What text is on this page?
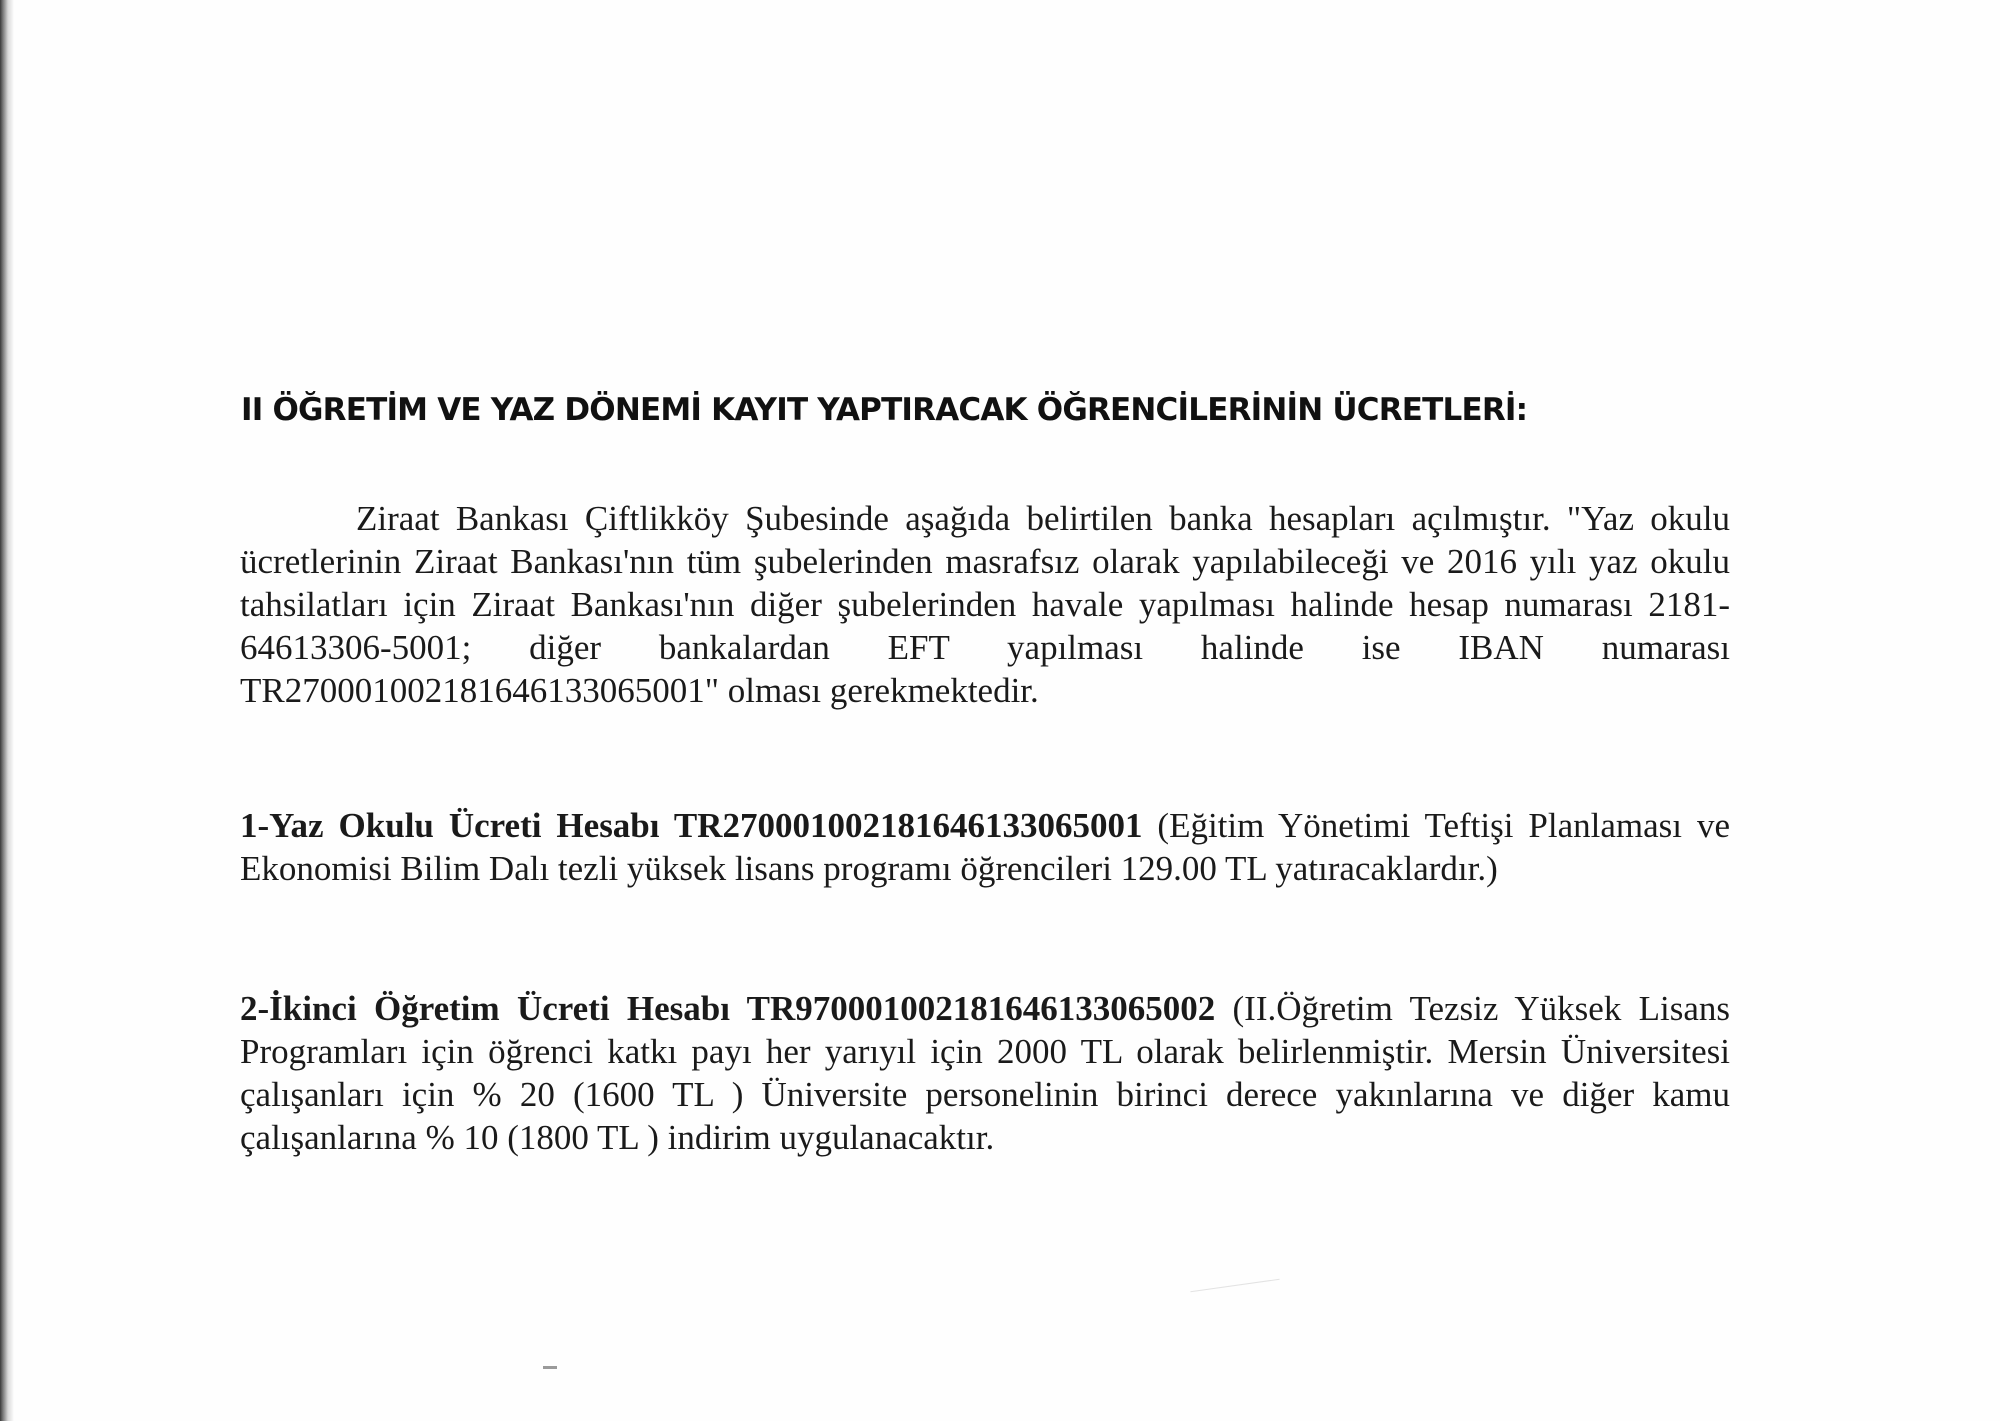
II ÖĞRETİM VE YAZ DÖNEMİ KAYIT YAPTIRACAK ÖĞRENCİLERİNİN ÜCRETLERİ:
Ziraat Bankası Çiftlikköy Şubesinde aşağıda belirtilen banka hesapları açılmıştır. "Yaz okulu ücretlerinin Ziraat Bankası'nın tüm şubelerinden masrafsız olarak yapılabileceği ve 2016 yılı yaz okulu tahsilatları için Ziraat Bankası'nın diğer şubelerinden havale yapılması halinde hesap numarası 2181-64613306-5001; diğer bankalardan EFT yapılması halinde ise IBAN numarası TR270001002181646133065001" olması gerekmektedir.
1-Yaz Okulu Ücreti Hesabı TR270001002181646133065001 (Eğitim Yönetimi Teftişi Planlaması ve Ekonomisi Bilim Dalı tezli yüksek lisans programı öğrencileri 129.00 TL yatıracaklardır.)
2-İkinci Öğretim Ücreti Hesabı TR970001002181646133065002 (II.Öğretim Tezsiz Yüksek Lisans Programları için öğrenci katkı payı her yarıyıl için 2000 TL olarak belirlenmiştir. Mersin Üniversitesi çalışanları için % 20 (1600 TL ) Üniversite personelinin birinci derece yakınlarına ve diğer kamu çalışanlarına % 10 (1800 TL ) indirim uygulanacaktır.
